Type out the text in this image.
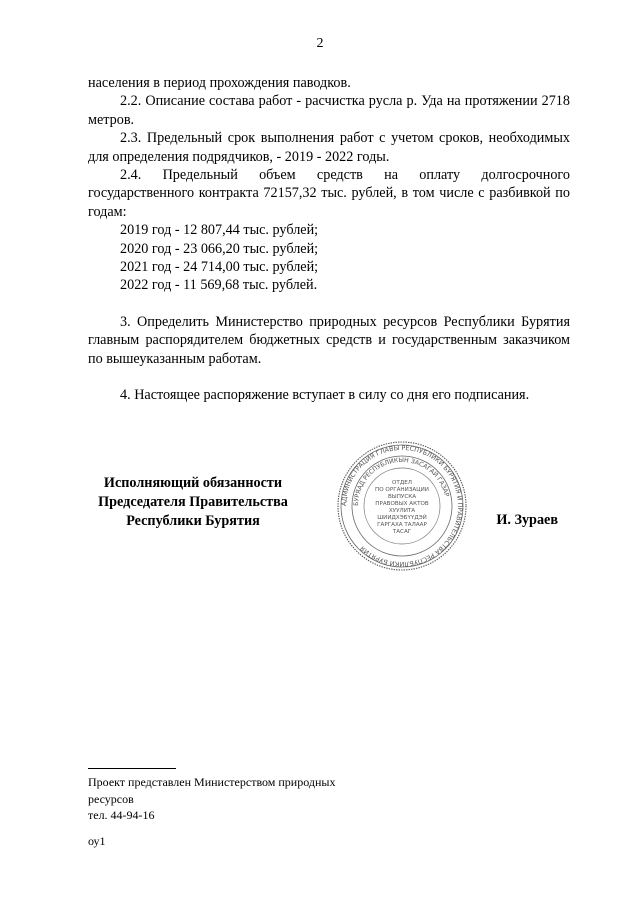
2

населения в период прохождения паводков.

2.2. Описание состава работ - расчистка русла р. Уда на протяжении 2718 метров.

2.3. Предельный срок выполнения работ с учетом сроков, необходимых для определения подрядчиков, - 2019 - 2022 годы.

2.4. Предельный объем средств на оплату долгосрочного государственного контракта 72157,32 тыс. рублей, в том числе с разбивкой по годам:

2019 год - 12 807,44 тыс. рублей;

2020 год - 23 066,20 тыс. рублей;

2021 год - 24 714,00 тыс. рублей;

2022 год - 11 569,68 тыс. рублей.

3. Определить Министерство природных ресурсов Республики Бурятия главным распорядителем бюджетных средств и государственным заказчиком по вышеуказанным работам.

4. Настоящее распоряжение вступает в силу со дня его подписания.

Исполняющий обязанности
Председателя Правительства
Республики Бурятия
АДМИНИСТРАЦИЯ ГЛАВЫ РЕСПУБЛИКИ БУРЯТИЯ И ПРАВИТЕЛЬСТВА РЕСПУБЛИКИ БУРЯТИЯ
БУРЯАД РЕСПУБЛИКЫН ЗАСАГАЙ ГАЗАР
ОТДЕЛ
ПО ОРГАНИЗАЦИИ
ВЫПУСКА
ПРАВОВЫХ АКТОВ
ХУУЛИТА
ШИИДХЭБҮҮДЭЙ
ГАРГАХА ТАЛААР
ТАСАГ
И. Зураев
Проект представлен Министерством природных
ресурсов
тел. 44-94-16
оу1
